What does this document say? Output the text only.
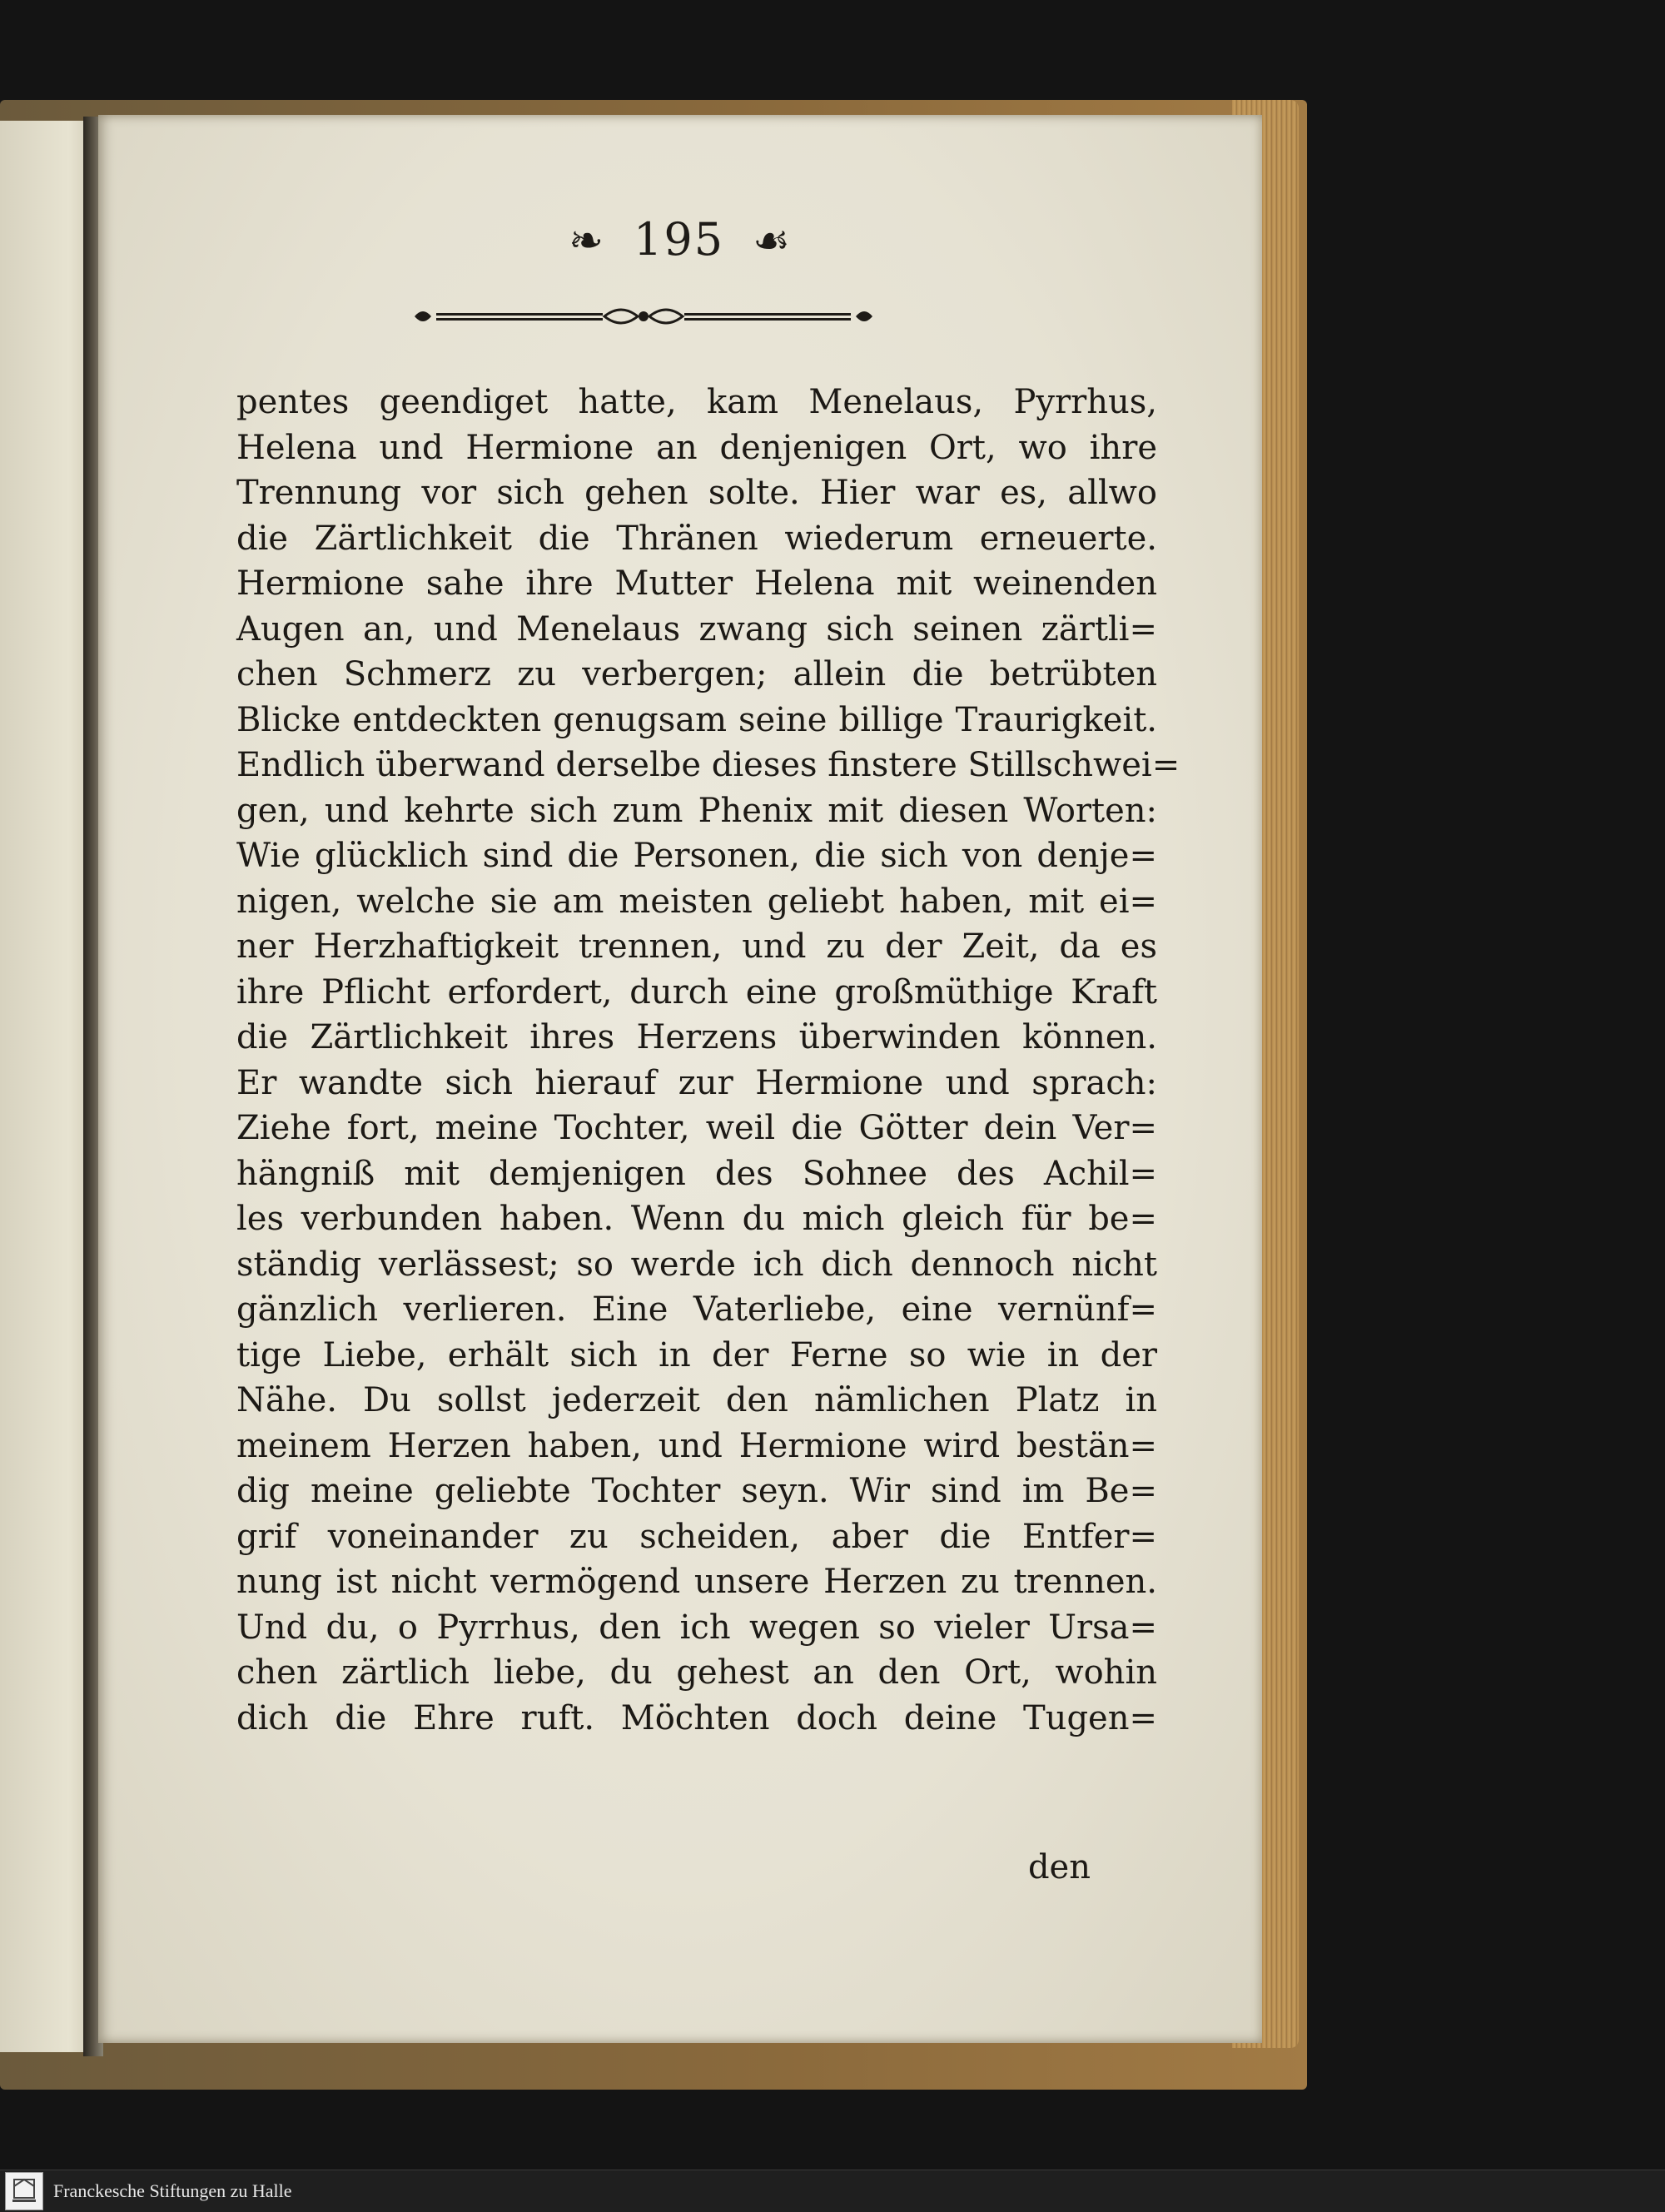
❧ 195 ☙
pentes geendiget hatte, kam Menelaus, Pyrrhus,
Helena und Hermione an denjenigen Ort, wo ihre
Trennung vor sich gehen solte. Hier war es, allwo
die Zärtlichkeit die Thränen wiederum erneuerte.
Hermione sahe ihre Mutter Helena mit weinenden
Augen an, und Menelaus zwang sich seinen zärtli=
chen Schmerz zu verbergen; allein die betrübten
Blicke entdeckten genugsam seine billige Traurigkeit.
Endlich überwand derselbe dieses finstere Stillschwei=
gen, und kehrte sich zum Phenix mit diesen Worten:
Wie glücklich sind die Personen, die sich von denje=
nigen, welche sie am meisten geliebt haben, mit ei=
ner Herzhaftigkeit trennen, und zu der Zeit, da es
ihre Pflicht erfordert, durch eine großmüthige Kraft
die Zärtlichkeit ihres Herzens überwinden können.
Er wandte sich hierauf zur Hermione und sprach:
Ziehe fort, meine Tochter, weil die Götter dein Ver=
hängniß mit demjenigen des Sohnee des Achil=
les verbunden haben. Wenn du mich gleich für be=
ständig verlässest; so werde ich dich dennoch nicht
gänzlich verlieren. Eine Vaterliebe, eine vernünf=
tige Liebe, erhält sich in der Ferne so wie in der
Nähe. Du sollst jederzeit den nämlichen Platz in
meinem Herzen haben, und Hermione wird bestän=
dig meine geliebte Tochter seyn. Wir sind im Be=
grif voneinander zu scheiden, aber die Entfer=
nung ist nicht vermögend unsere Herzen zu trennen.
Und du, o Pyrrhus, den ich wegen so vieler Ursa=
chen zärtlich liebe, du gehest an den Ort, wohin
dich die Ehre ruft. Möchten doch deine Tugen=
den
Franckesche Stiftungen zu Halle
